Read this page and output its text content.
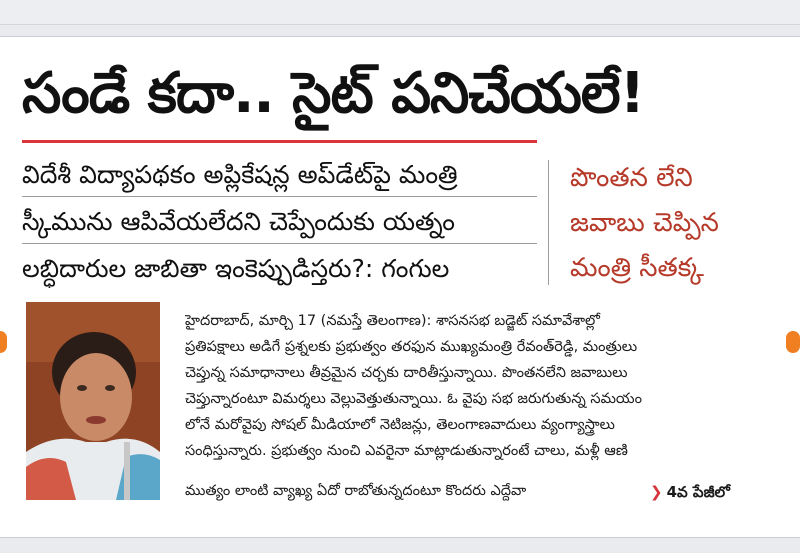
సండే కదా.. సైట్ పనిచేయలే!
విదేశీ విద్యాపథకం అప్లికేషన్ల అప్‌డేట్‌పై మంత్రి
స్కీమును ఆపివేయలేదని చెప్పేందుకు యత్నం
లబ్ధిదారుల జాబితా ఇంకెప్పుడిస్తరు?: గంగుల
పొంతన లేని
జవాబు చెప్పిన
మంత్రి సీతక్క
హైదరాబాద్, మార్చి 17 (నమస్తే తెలంగాణ): శాసనసభ బడ్జెట్ సమావేశాల్లో
ప్రతిపక్షాలు అడిగే ప్రశ్నలకు ప్రభుత్వం తరఫున ముఖ్యమంత్రి రేవంత్‌రెడ్డి, మంత్రులు
చెప్తున్న సమాధానాలు తీవ్రమైన చర్చకు దారితీస్తున్నాయి. పొంతనలేని జవాబులు
చెప్తున్నారంటూ విమర్శలు వెల్లువెత్తుతున్నాయి. ఓ వైపు సభ జరుగుతున్న సమయం
లోనే మరోవైపు సోషల్ మీడియాలో నెటిజన్లు, తెలంగాణవాదులు వ్యంగ్యాస్త్రాలు
సంధిస్తున్నారు. ప్రభుత్వం నుంచి ఎవరైనా మాట్లాడుతున్నారంటే చాలు, మళ్లీ ఆణి
ముత్యం లాంటి వ్యాఖ్య ఏదో రాబోతున్నదంటూ కొందరు ఎద్దేవా	❯ 4వ పేజీలో
